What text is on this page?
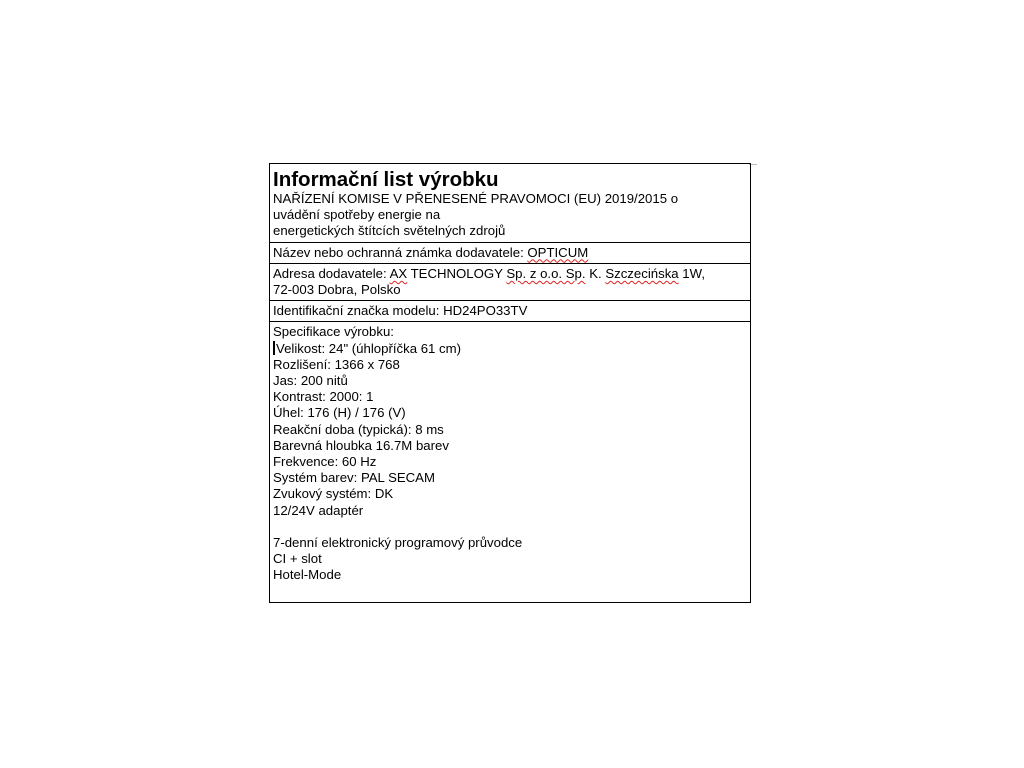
Informační list výrobku
NAŘÍZENÍ KOMISE V PŘENESENÉ PRAVOMOCI (EU) 2019/2015 o
uvádění spotřeby energie na
energetických štítcích světelných zdrojů
Název nebo ochranná známka dodavatele: OPTICUM
Adresa dodavatele: AX TECHNOLOGY Sp. z o.o. Sp. K. Szczecińska 1W,
72-003 Dobra, Polsko
Identifikační značka modelu: HD24PO33TV
Specifikace výrobku:
Velikost: 24" (úhlopříčka 61 cm)
Rozlišení: 1366 x 768
Jas: 200 nitů
Kontrast: 2000: 1
Úhel: 176 (H) / 176 (V)
Reakční doba (typická): 8 ms
Barevná hloubka 16.7M barev
Frekvence: 60 Hz
Systém barev: PAL SECAM
Zvukový systém: DK
12/24V adaptér
7-denní elektronický programový průvodce
CI + slot
Hotel-Mode
